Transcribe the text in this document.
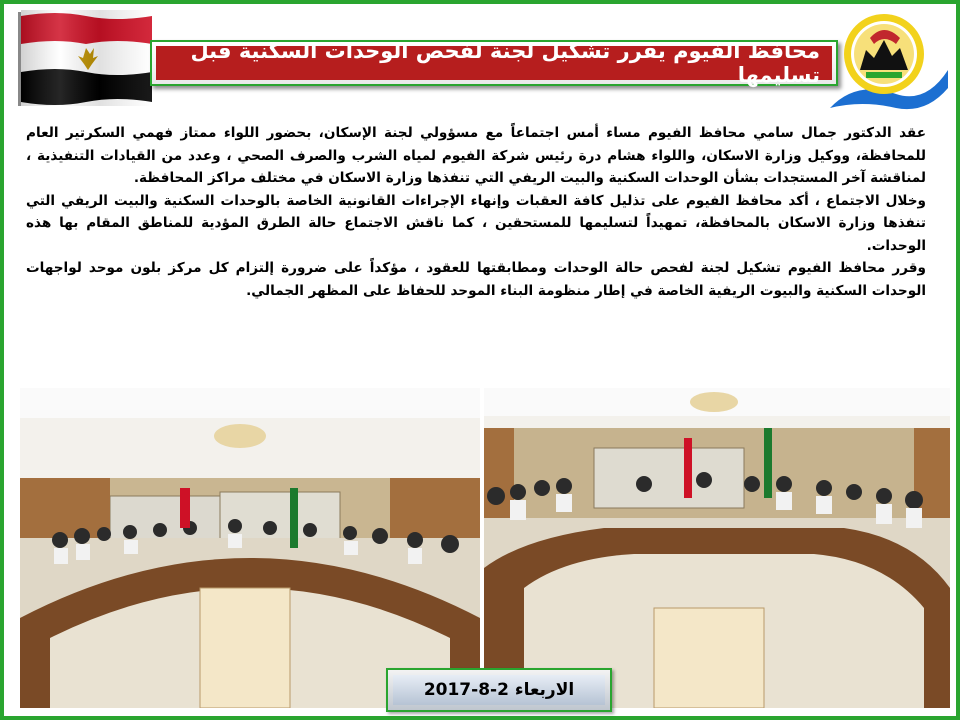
محافظ الفيوم يقرر تشكيل لجنة لفحص الوحدات السكنية قبل تسليمها

عقد الدكتور جمال سامي محافظ الفيوم مساء أمس اجتماعاً مع مسؤولي لجنة الإسكان، بحضور اللواء ممتاز فهمي السكرتير العام للمحافظة، ووكيل وزارة الاسكان، واللواء هشام درة رئيس شركة الفيوم لمياه الشرب والصرف الصحي ، وعدد من القيادات التنفيذية ، لمناقشة آخر المستجدات بشأن الوحدات السكنية والبيت الريفي التي تنفذها وزارة الاسكان في مختلف مراكز المحافظة.

وخلال الاجتماع ، أكد محافظ الفيوم على تذليل كافة العقبات وإنهاء الإجراءات القانونية الخاصة بالوحدات السكنية والبيت الريفي التي تنفذها وزارة الاسكان بالمحافظة، تمهيداً لتسليمها للمستحقين ، كما ناقش الاجتماع حالة الطرق المؤدية للمناطق المقام بها هذه الوحدات.

وقرر محافظ الفيوم تشكيل لجنة لفحص حالة الوحدات ومطابقتها للعقود ، مؤكداً على ضرورة إلتزام كل مركز بلون موحد لواجهات الوحدات السكنية والبيوت الريفية الخاصة في إطار منظومة البناء الموحد للحفاظ على المظهر الجمالي.

الاربعاء 2-8-2017
